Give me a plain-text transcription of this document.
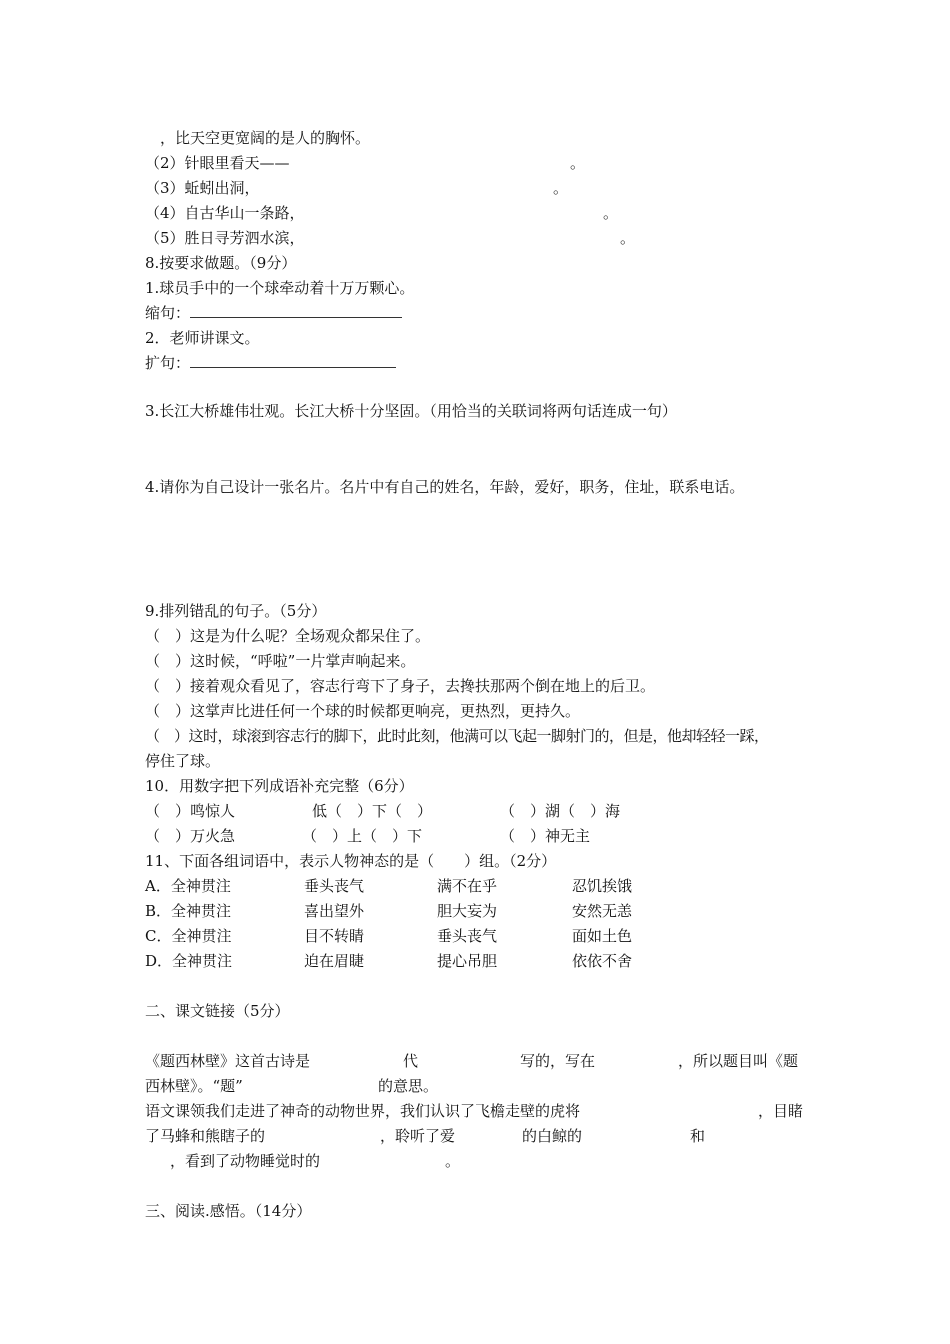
，比天空更宽阔的是人的胸怀。
（2）针眼里看天——	。
（3）蚯蚓出洞，	。
（4）自古华山一条路，	。
（5）胜日寻芳泗水滨，	。
8.按要求做题。（9分）
1.球员手中的一个球牵动着十万万颗心。
缩句：
2．老师讲课文。
扩句：
3.长江大桥雄伟壮观。长江大桥十分坚固。（用恰当的关联词将两句话连成一句）
4.请你为自己设计一张名片。名片中有自己的姓名，年龄，爱好，职务，住址，联系电话。
9.排列错乱的句子。（5分）
（　）这是为什么呢？全场观众都呆住了。
（　）这时候，“呼啦”一片掌声响起来。
（　）接着观众看见了，容志行弯下了身子，去搀扶那两个倒在地上的后卫。
（　）这掌声比进任何一个球的时候都更响亮，更热烈，更持久。
（　）这时，球滚到容志行的脚下，此时此刻，他满可以飞起一脚射门的，但是，他却轻轻一踩，
停住了球。
10．用数字把下列成语补充完整（6分）
（　）鸣惊人	低（　）下（　）	（　）湖（　）海
（　）万火急	（　）上（　）下	（　）神无主
11、下面各组词语中，表示人物神态的是（　　）组。（2分）
A．全神贯注	垂头丧气	满不在乎	忍饥挨饿
B．全神贯注	喜出望外	胆大妄为	安然无恙
C．全神贯注	目不转睛	垂头丧气	面如土色
D．全神贯注	迫在眉睫	提心吊胆	依依不舍
二、课文链接（5分）
《题西林壁》这首古诗是	代	写的，写在	，所以题目叫《题
西林壁》。“题”	的意思。
语文课领我们走进了神奇的动物世界，我们认识了飞檐走壁的虎将	，目睹
了马蜂和熊瞎子的	，聆听了爱	的白鲸的	和
，看到了动物睡觉时的	。
三、阅读.感悟。（14分）
